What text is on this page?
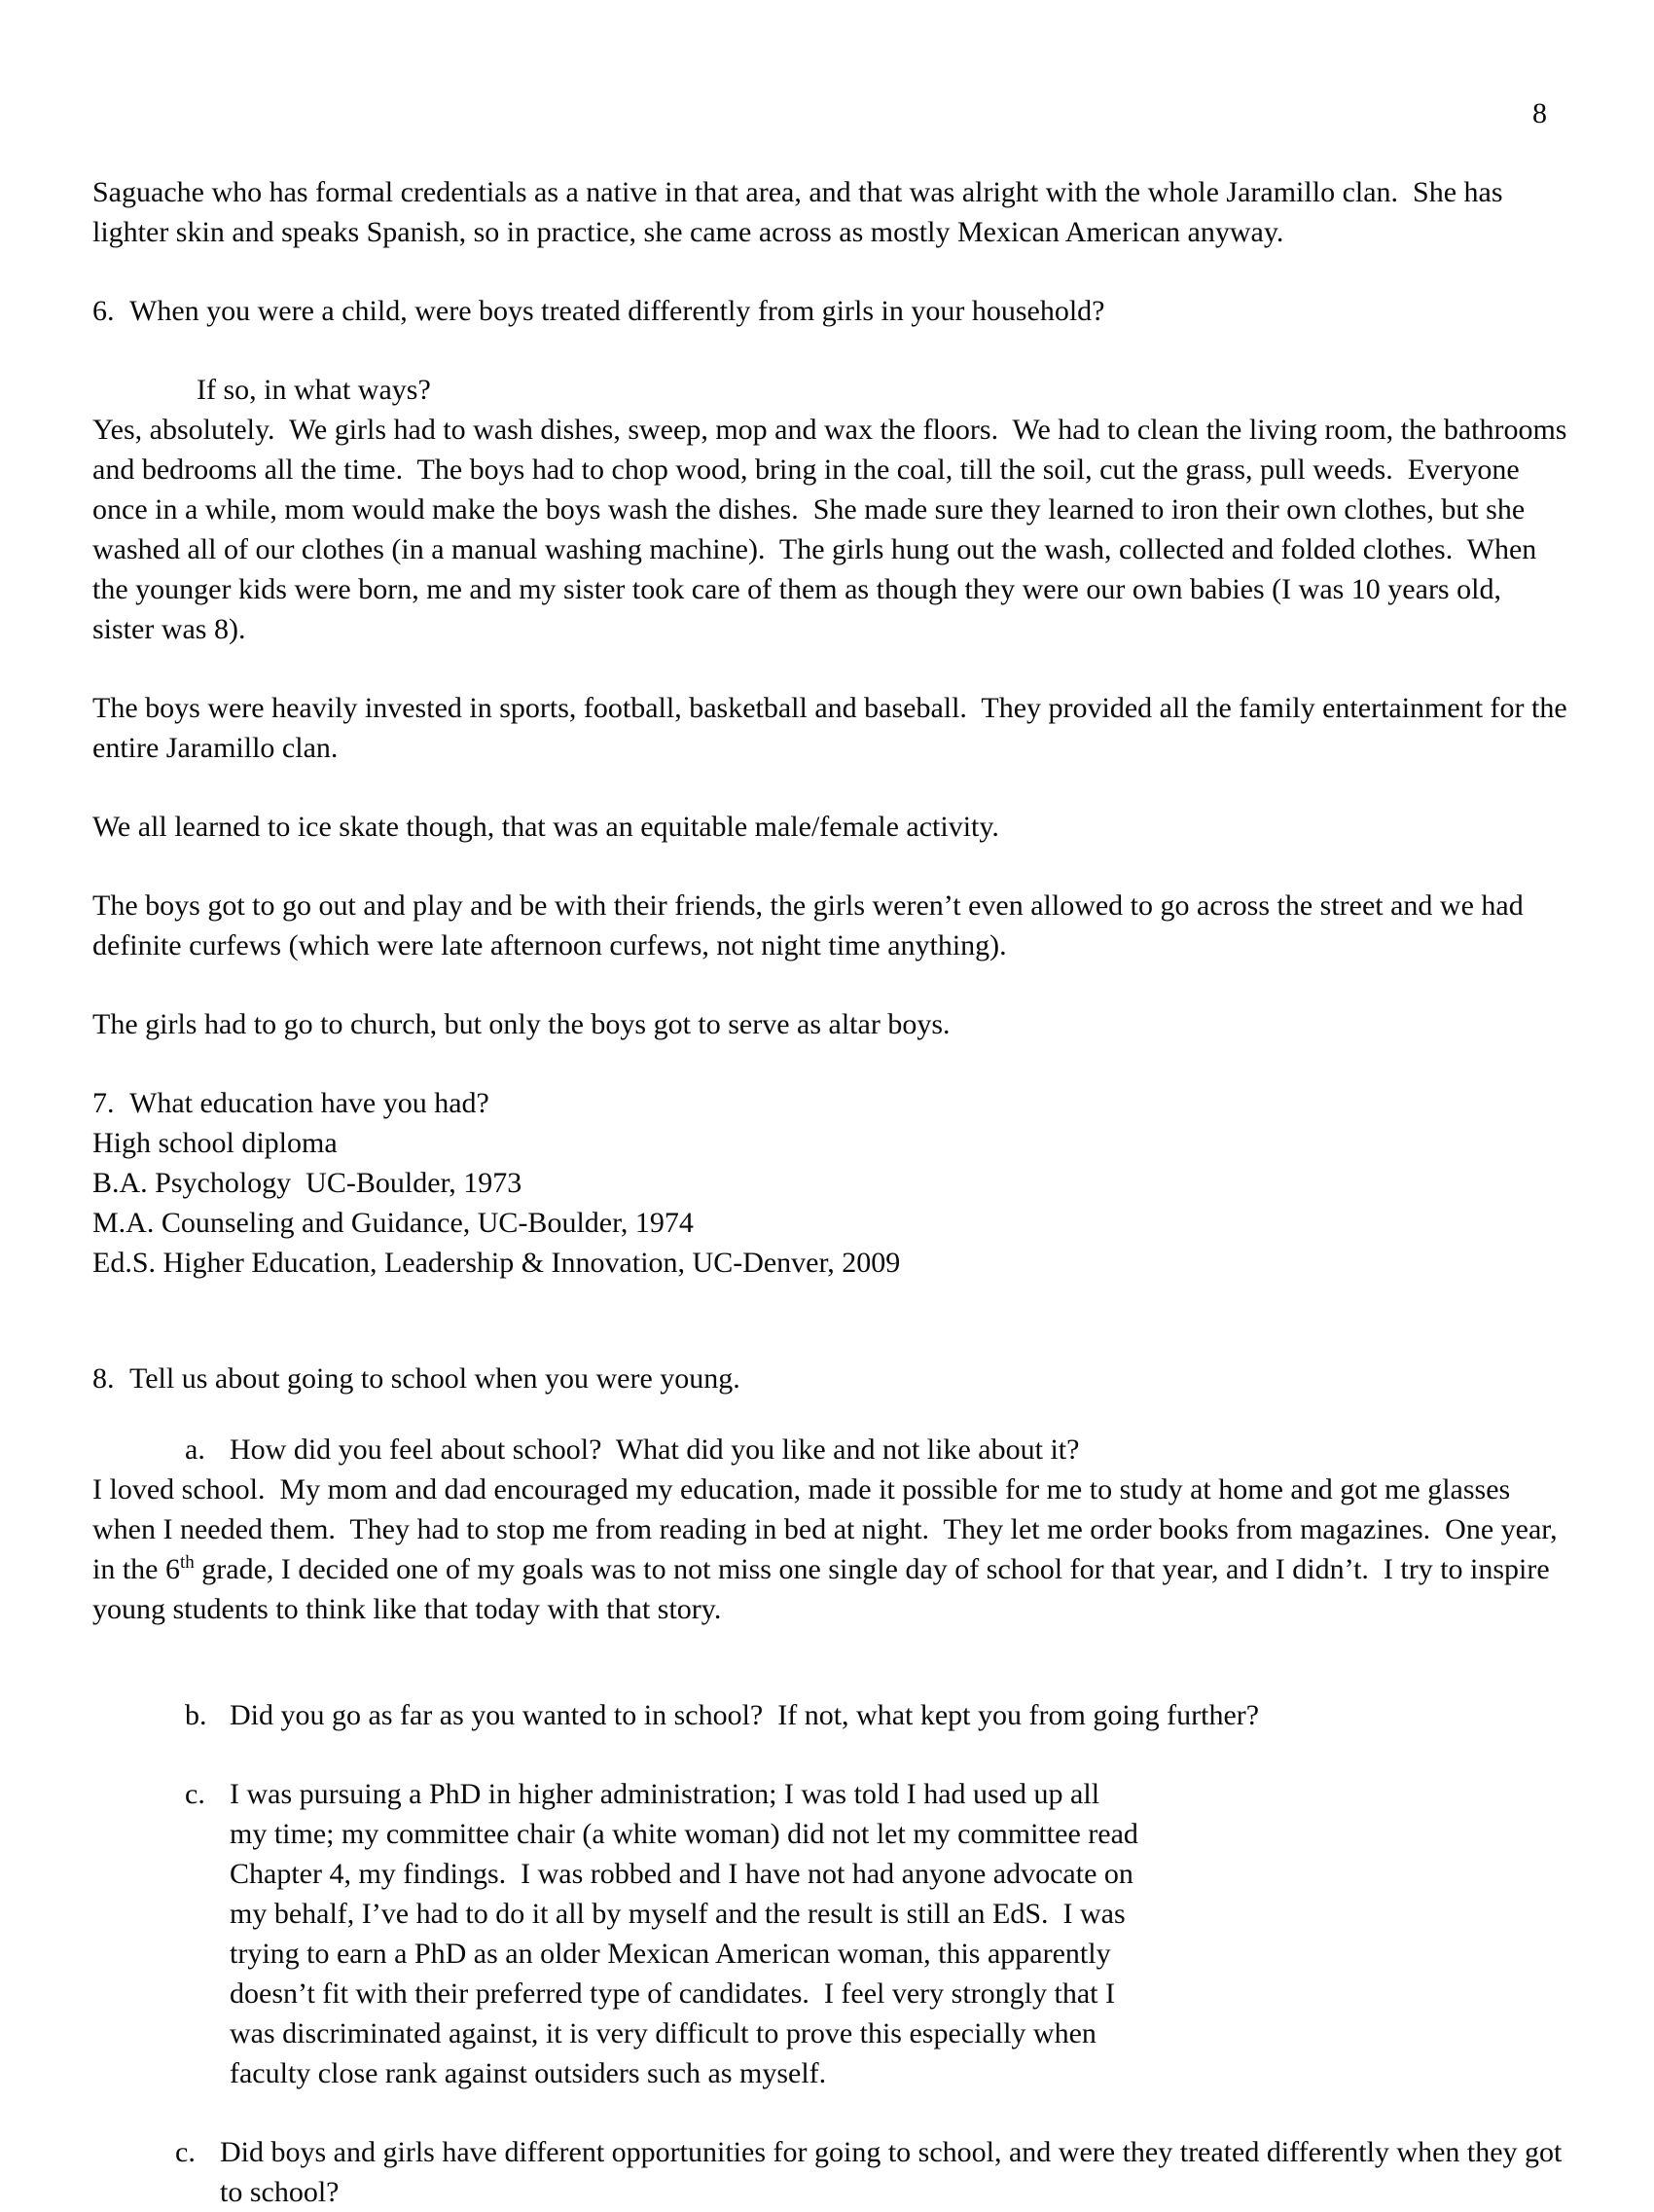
8

Saguache who has formal credentials as a native in that area, and that was alright with the whole Jaramillo clan.  She has lighter skin and speaks Spanish, so in practice, she came across as mostly Mexican American anyway.

6. When you were a child, were boys treated differently from girls in your household?

If so, in what ways?

Yes, absolutely.  We girls had to wash dishes, sweep, mop and wax the floors.  We had to clean the living room, the bathrooms and bedrooms all the time.  The boys had to chop wood, bring in the coal, till the soil, cut the grass, pull weeds.  Everyone once in a while, mom would make the boys wash the dishes.  She made sure they learned to iron their own clothes, but she washed all of our clothes (in a manual washing machine).  The girls hung out the wash, collected and folded clothes.  When the younger kids were born, me and my sister took care of them as though they were our own babies (I was 10 years old, sister was 8).

The boys were heavily invested in sports, football, basketball and baseball.  They provided all the family entertainment for the entire Jaramillo clan.

We all learned to ice skate though, that was an equitable male/female activity.

The boys got to go out and play and be with their friends, the girls weren’t even allowed to go across the street and we had definite curfews (which were late afternoon curfews, not night time anything).

The girls had to go to church, but only the boys got to serve as altar boys.

7. What education have you had?

High school diploma

B.A. Psychology  UC-Boulder, 1973

M.A. Counseling and Guidance, UC-Boulder, 1974

Ed.S. Higher Education, Leadership & Innovation, UC-Denver, 2009

8. Tell us about going to school when you were young.
a. How did you feel about school?  What did you like and not like about it?

I loved school.  My mom and dad encouraged my education, made it possible for me to study at home and got me glasses when I needed them.  They had to stop me from reading in bed at night.  They let me order books from magazines.  One year, in the 6th grade, I decided one of my goals was to not miss one single day of school for that year, and I didn’t.  I try to inspire young students to think like that today with that story.

b. Did you go as far as you wanted to in school?  If not, what kept you from going further?
c. I was pursuing a PhD in higher administration; I was told I had used up all my time; my committee chair (a white woman) did not let my committee read Chapter 4, my findings.  I was robbed and I have not had anyone advocate on my behalf, I’ve had to do it all by myself and the result is still an EdS.  I was trying to earn a PhD as an older Mexican American woman, this apparently doesn’t fit with their preferred type of candidates.  I feel very strongly that I was discriminated against, it is very difficult to prove this especially when faculty close rank against outsiders such as myself.
c. Did boys and girls have different opportunities for going to school, and were they treated differently when they got to school?
